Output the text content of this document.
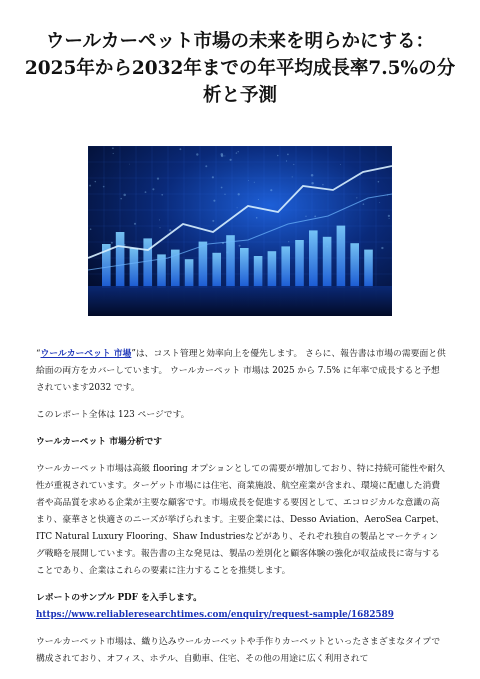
ウールカーペット市場の未来を明らかにする：
2025年から2032年までの年平均成長率7.5%の分
析と予測

“ウールカーペット 市場”は、コスト管理と効率向上を優先します。 さらに、報告書は市場の需要面と供給面の両方をカバーしています。 ウールカーペット 市場は 2025 から 7.5% に年率で成長すると予想されています2032 です。

このレポート全体は 123 ページです。

ウールカーペット 市場分析です

ウールカーペット市場は高級 flooring オプションとしての需要が増加しており、特に持続可能性や耐久性が重視されています。ターゲット市場には住宅、商業施設、航空産業が含まれ、環境に配慮した消費者や高品質を求める企業が主要な顧客です。市場成長を促進する要因として、エコロジカルな意識の高まり、豪華さと快適さのニーズが挙げられます。主要企業には、Desso Aviation、AeroSea Carpet、ITC Natural Luxury Flooring、Shaw Industriesなどがあり、それぞれ独自の製品とマーケティング戦略を展開しています。報告書の主な発見は、製品の差別化と顧客体験の強化が収益成長に寄与することであり、企業はこれらの要素に注力することを推奨します。

レポートのサンプル PDF を入手します。 https://www.reliableresearchtimes.com/enquiry/request-sample/1682589

ウールカーペット市場は、織り込みウールカーペットや手作りカーペットといったさまざまなタイプで構成されており、オフィス、ホテル、自動車、住宅、その他の用途に広く利用されて
